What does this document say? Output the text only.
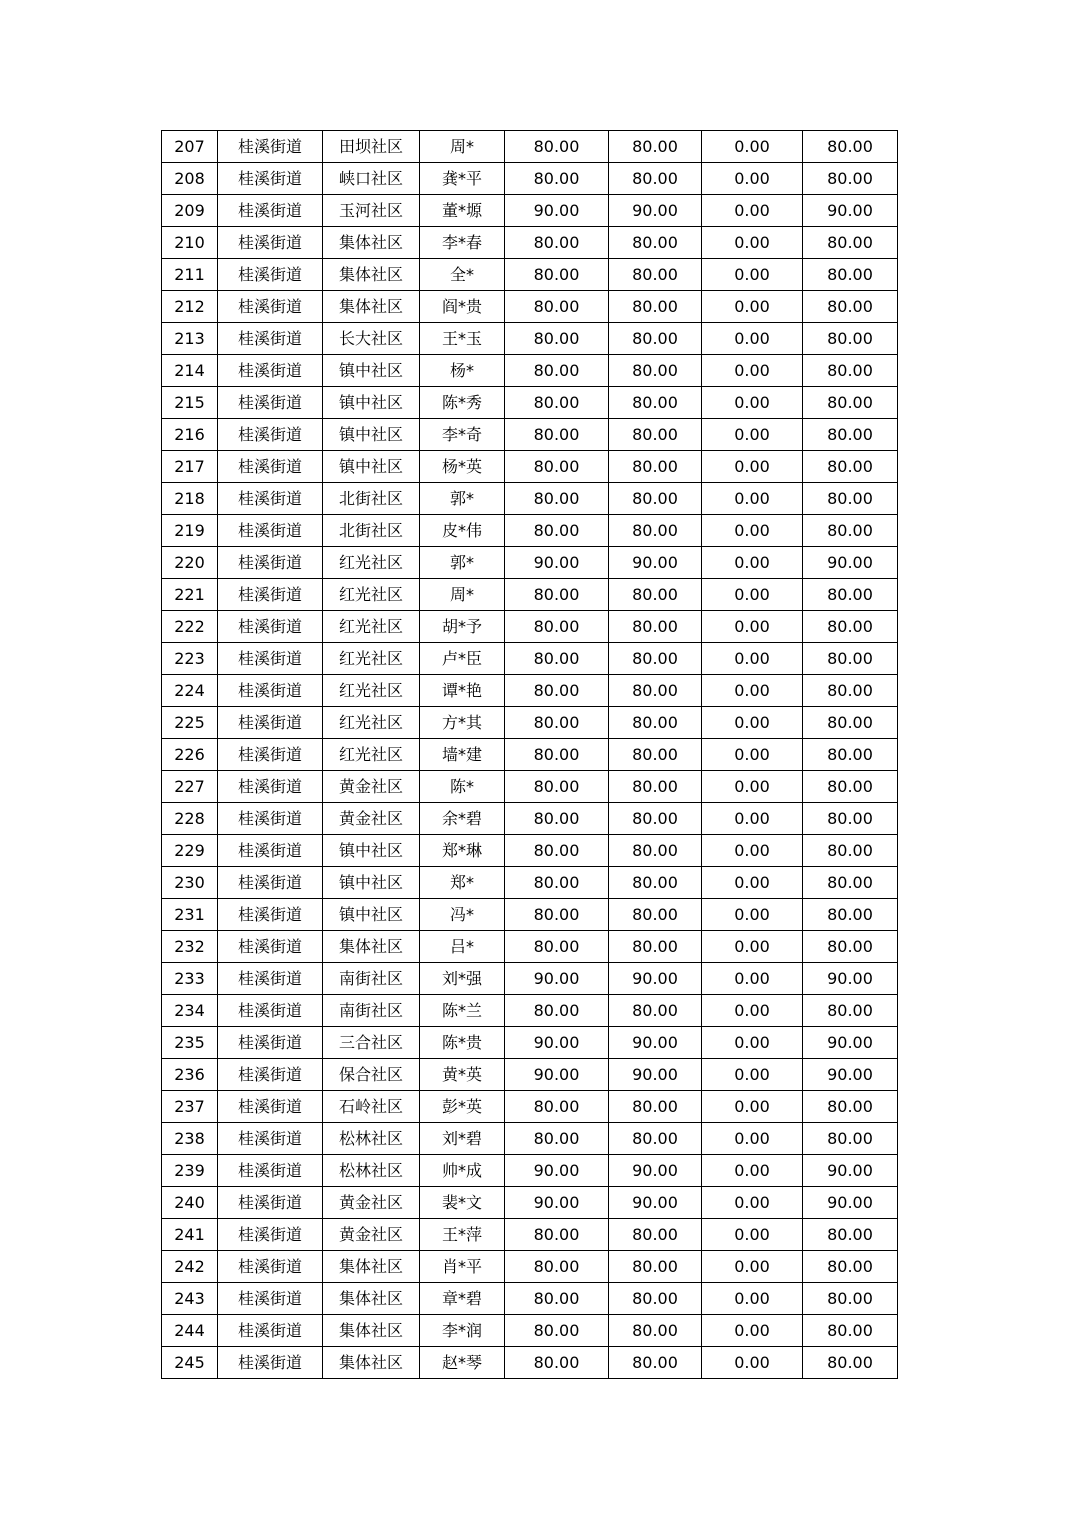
207	桂溪街道	田坝社区	周*	80.00	80.00	0.00	80.00
208	桂溪街道	峡口社区	龚*平	80.00	80.00	0.00	80.00
209	桂溪街道	玉河社区	董*塬	90.00	90.00	0.00	90.00
210	桂溪街道	集体社区	李*春	80.00	80.00	0.00	80.00
211	桂溪街道	集体社区	全*	80.00	80.00	0.00	80.00
212	桂溪街道	集体社区	阎*贵	80.00	80.00	0.00	80.00
213	桂溪街道	长大社区	王*玉	80.00	80.00	0.00	80.00
214	桂溪街道	镇中社区	杨*	80.00	80.00	0.00	80.00
215	桂溪街道	镇中社区	陈*秀	80.00	80.00	0.00	80.00
216	桂溪街道	镇中社区	李*奇	80.00	80.00	0.00	80.00
217	桂溪街道	镇中社区	杨*英	80.00	80.00	0.00	80.00
218	桂溪街道	北街社区	郭*	80.00	80.00	0.00	80.00
219	桂溪街道	北街社区	皮*伟	80.00	80.00	0.00	80.00
220	桂溪街道	红光社区	郭*	90.00	90.00	0.00	90.00
221	桂溪街道	红光社区	周*	80.00	80.00	0.00	80.00
222	桂溪街道	红光社区	胡*予	80.00	80.00	0.00	80.00
223	桂溪街道	红光社区	卢*臣	80.00	80.00	0.00	80.00
224	桂溪街道	红光社区	谭*艳	80.00	80.00	0.00	80.00
225	桂溪街道	红光社区	方*其	80.00	80.00	0.00	80.00
226	桂溪街道	红光社区	墙*建	80.00	80.00	0.00	80.00
227	桂溪街道	黄金社区	陈*	80.00	80.00	0.00	80.00
228	桂溪街道	黄金社区	余*碧	80.00	80.00	0.00	80.00
229	桂溪街道	镇中社区	郑*琳	80.00	80.00	0.00	80.00
230	桂溪街道	镇中社区	郑*	80.00	80.00	0.00	80.00
231	桂溪街道	镇中社区	冯*	80.00	80.00	0.00	80.00
232	桂溪街道	集体社区	吕*	80.00	80.00	0.00	80.00
233	桂溪街道	南街社区	刘*强	90.00	90.00	0.00	90.00
234	桂溪街道	南街社区	陈*兰	80.00	80.00	0.00	80.00
235	桂溪街道	三合社区	陈*贵	90.00	90.00	0.00	90.00
236	桂溪街道	保合社区	黄*英	90.00	90.00	0.00	90.00
237	桂溪街道	石岭社区	彭*英	80.00	80.00	0.00	80.00
238	桂溪街道	松林社区	刘*碧	80.00	80.00	0.00	80.00
239	桂溪街道	松林社区	帅*成	90.00	90.00	0.00	90.00
240	桂溪街道	黄金社区	裴*文	90.00	90.00	0.00	90.00
241	桂溪街道	黄金社区	王*萍	80.00	80.00	0.00	80.00
242	桂溪街道	集体社区	肖*平	80.00	80.00	0.00	80.00
243	桂溪街道	集体社区	章*碧	80.00	80.00	0.00	80.00
244	桂溪街道	集体社区	李*润	80.00	80.00	0.00	80.00
245	桂溪街道	集体社区	赵*琴	80.00	80.00	0.00	80.00
